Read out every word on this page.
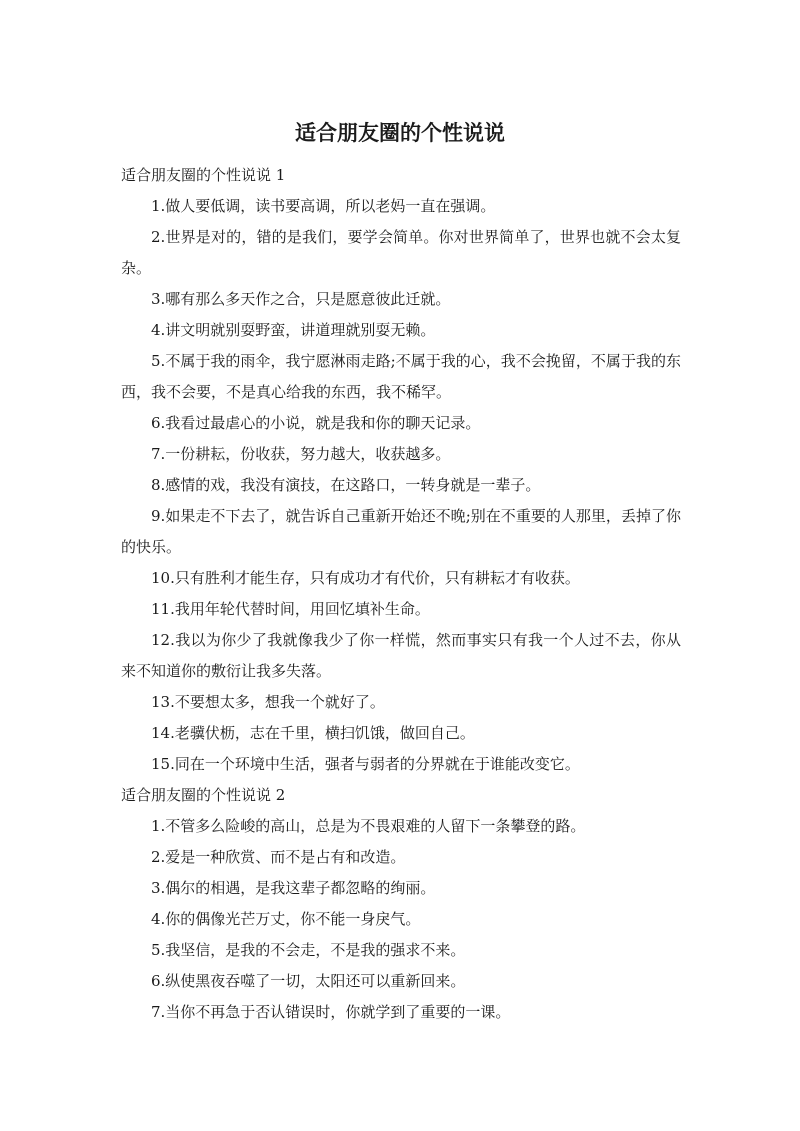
适合朋友圈的个性说说

适合朋友圈的个性说说 1

1.做人要低调，读书要高调，所以老妈一直在强调。

2.世界是对的，错的是我们，要学会简单。你对世界简单了，世界也就不会太复杂。

3.哪有那么多天作之合，只是愿意彼此迁就。

4.讲文明就别耍野蛮，讲道理就别耍无赖。

5.不属于我的雨伞，我宁愿淋雨走路;不属于我的心，我不会挽留，不属于我的东西，我不会要，不是真心给我的东西，我不稀罕。

6.我看过最虐心的小说，就是我和你的聊天记录。

7.一份耕耘，份收获，努力越大，收获越多。

8.感情的戏，我没有演技，在这路口，一转身就是一辈子。

9.如果走不下去了，就告诉自己重新开始还不晚;别在不重要的人那里，丢掉了你的快乐。

10.只有胜利才能生存，只有成功才有代价，只有耕耘才有收获。

11.我用年轮代替时间，用回忆填补生命。

12.我以为你少了我就像我少了你一样慌，然而事实只有我一个人过不去，你从来不知道你的敷衍让我多失落。

13.不要想太多，想我一个就好了。

14.老骥伏枥，志在千里，横扫饥饿，做回自己。

15.同在一个环境中生活，强者与弱者的分界就在于谁能改变它。

适合朋友圈的个性说说 2

1.不管多么险峻的高山，总是为不畏艰难的人留下一条攀登的路。

2.爱是一种欣赏、而不是占有和改造。

3.偶尔的相遇，是我这辈子都忽略的绚丽。

4.你的偶像光芒万丈，你不能一身戾气。

5.我坚信，是我的不会走，不是我的强求不来。

6.纵使黑夜吞噬了一切，太阳还可以重新回来。

7.当你不再急于否认错误时，你就学到了重要的一课。
